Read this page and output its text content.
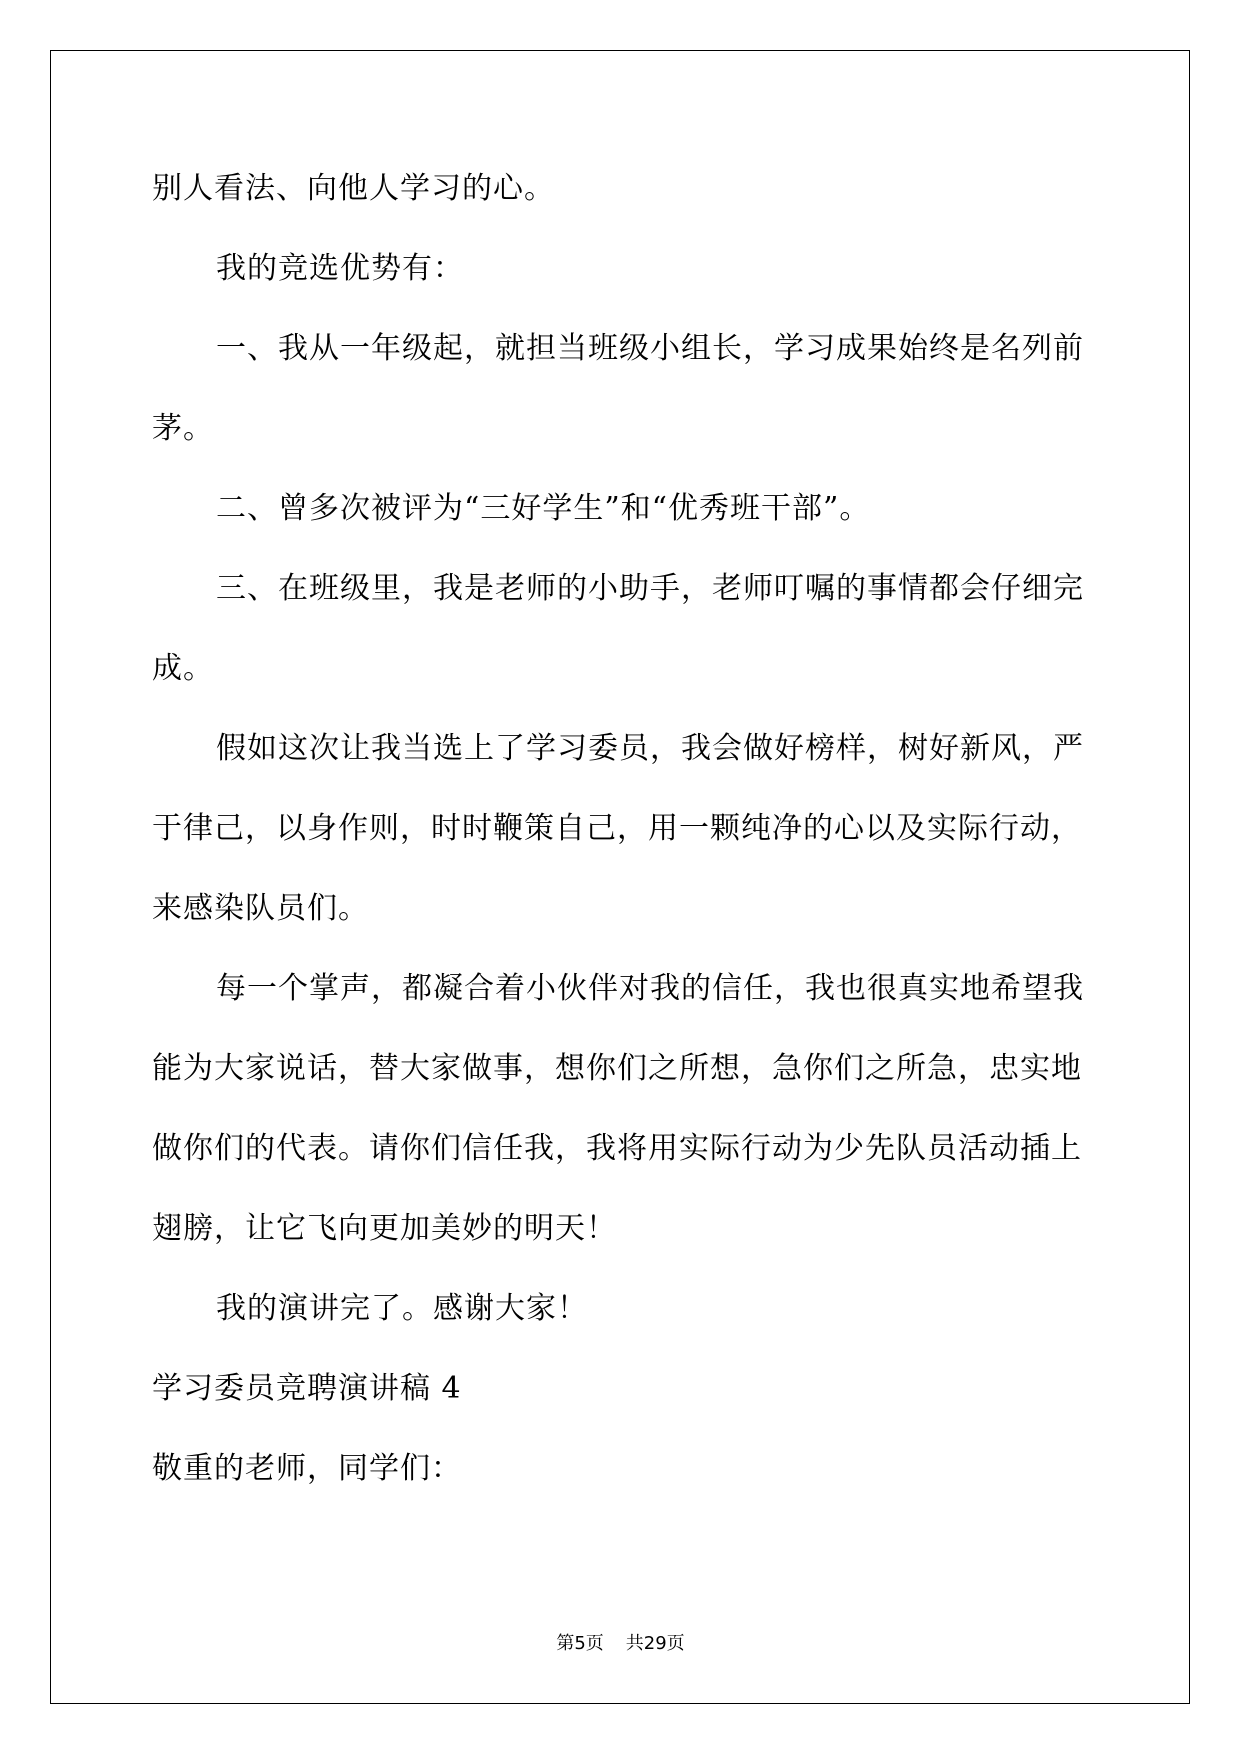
别人看法、向他人学习的心。
我的竞选优势有：
一、我从一年级起，就担当班级小组长，学习成果始终是名列前
茅。
二、曾多次被评为“三好学生”和“优秀班干部”。
三、在班级里，我是老师的小助手，老师叮嘱的事情都会仔细完
成。
假如这次让我当选上了学习委员，我会做好榜样，树好新风，严
于律己，以身作则，时时鞭策自己，用一颗纯净的心以及实际行动，
来感染队员们。
每一个掌声，都凝合着小伙伴对我的信任，我也很真实地希望我
能为大家说话，替大家做事，想你们之所想，急你们之所急，忠实地
做你们的代表。请你们信任我，我将用实际行动为少先队员活动插上
翅膀，让它飞向更加美妙的明天！
我的演讲完了。感谢大家！
学习委员竞聘演讲稿 4
敬重的老师，同学们：
第5页 共29页
